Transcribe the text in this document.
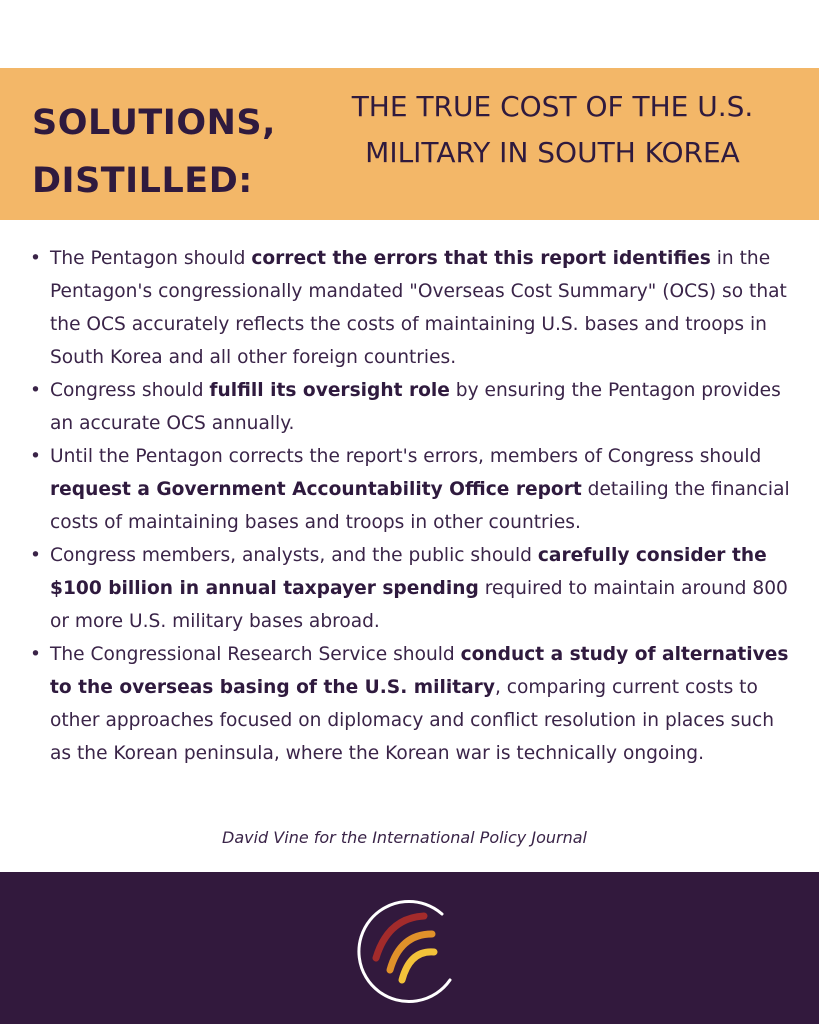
SOLUTIONS,
DISTILLED:
THE TRUE COST OF THE U.S.
MILITARY IN SOUTH KOREA
• The Pentagon should correct the errors that this report identifies in the Pentagon's congressionally mandated "Overseas Cost Summary" (OCS) so that the OCS accurately reflects the costs of maintaining U.S. bases and troops in South Korea and all other foreign countries.
• Congress should fulfill its oversight role by ensuring the Pentagon provides an accurate OCS annually.
• Until the Pentagon corrects the report's errors, members of Congress should request a Government Accountability Office report detailing the financial costs of maintaining bases and troops in other countries.
• Congress members, analysts, and the public should carefully consider the $100 billion in annual taxpayer spending required to maintain around 800 or more U.S. military bases abroad.
• The Congressional Research Service should conduct a study of alternatives to the overseas basing of the U.S. military, comparing current costs to other approaches focused on diplomacy and conflict resolution in places such as the Korean peninsula, where the Korean war is technically ongoing.
David Vine for the International Policy Journal
